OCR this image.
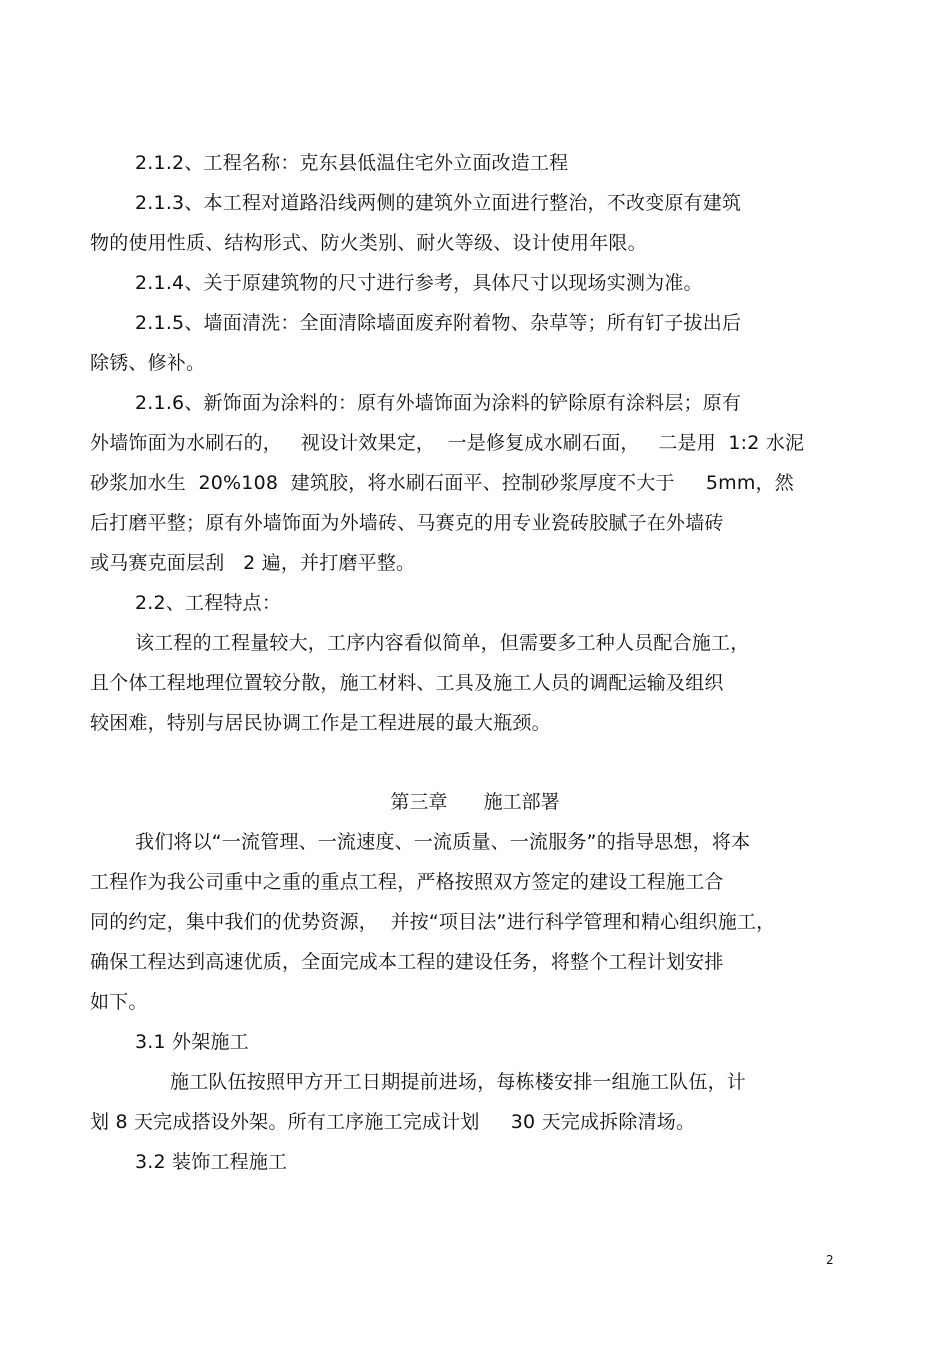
2.1.2、工程名称：克东县低温住宅外立面改造工程
2.1.3、本工程对道路沿线两侧的建筑外立面进行整治，不改变原有建筑
物的使用性质、结构形式、防火类别、耐火等级、设计使用年限。
2.1.4、关于原建筑物的尺寸进行参考，具体尺寸以现场实测为准。
2.1.5、墙面清洗：全面清除墙面废弃附着物、杂草等；所有钉子拔出后
除锈、修补。
2.1.6、新饰面为涂料的：原有外墙饰面为涂料的铲除原有涂料层；原有
外墙饰面为水刷石的，   视设计效果定，  一是修复成水刷石面，   二是用  1:2 水泥
砂浆加水生  20%108  建筑胶，将水刷石面平、控制砂浆厚度不大于     5mm，然
后打磨平整；原有外墙饰面为外墙砖、马赛克的用专业瓷砖胶腻子在外墙砖
或马赛克面层刮   2 遍，并打磨平整。
2.2、工程特点：
该工程的工程量较大，工序内容看似简单，但需要多工种人员配合施工，
且个体工程地理位置较分散，施工材料、工具及施工人员的调配运输及组织
较困难，特别与居民协调工作是工程进展的最大瓶颈。
第三章      施工部署
我们将以“一流管理、一流速度、一流质量、一流服务”的指导思想，将本
工程作为我公司重中之重的重点工程，严格按照双方签定的建设工程施工合
同的约定，集中我们的优势资源，  并按“项目法”进行科学管理和精心组织施工，
确保工程达到高速优质，全面完成本工程的建设任务，将整个工程计划安排
如下。
3.1 外架施工
施工队伍按照甲方开工日期提前进场，每栋楼安排一组施工队伍，计
划 8 天完成搭设外架。所有工序施工完成计划     30 天完成拆除清场。
3.2 装饰工程施工
2
